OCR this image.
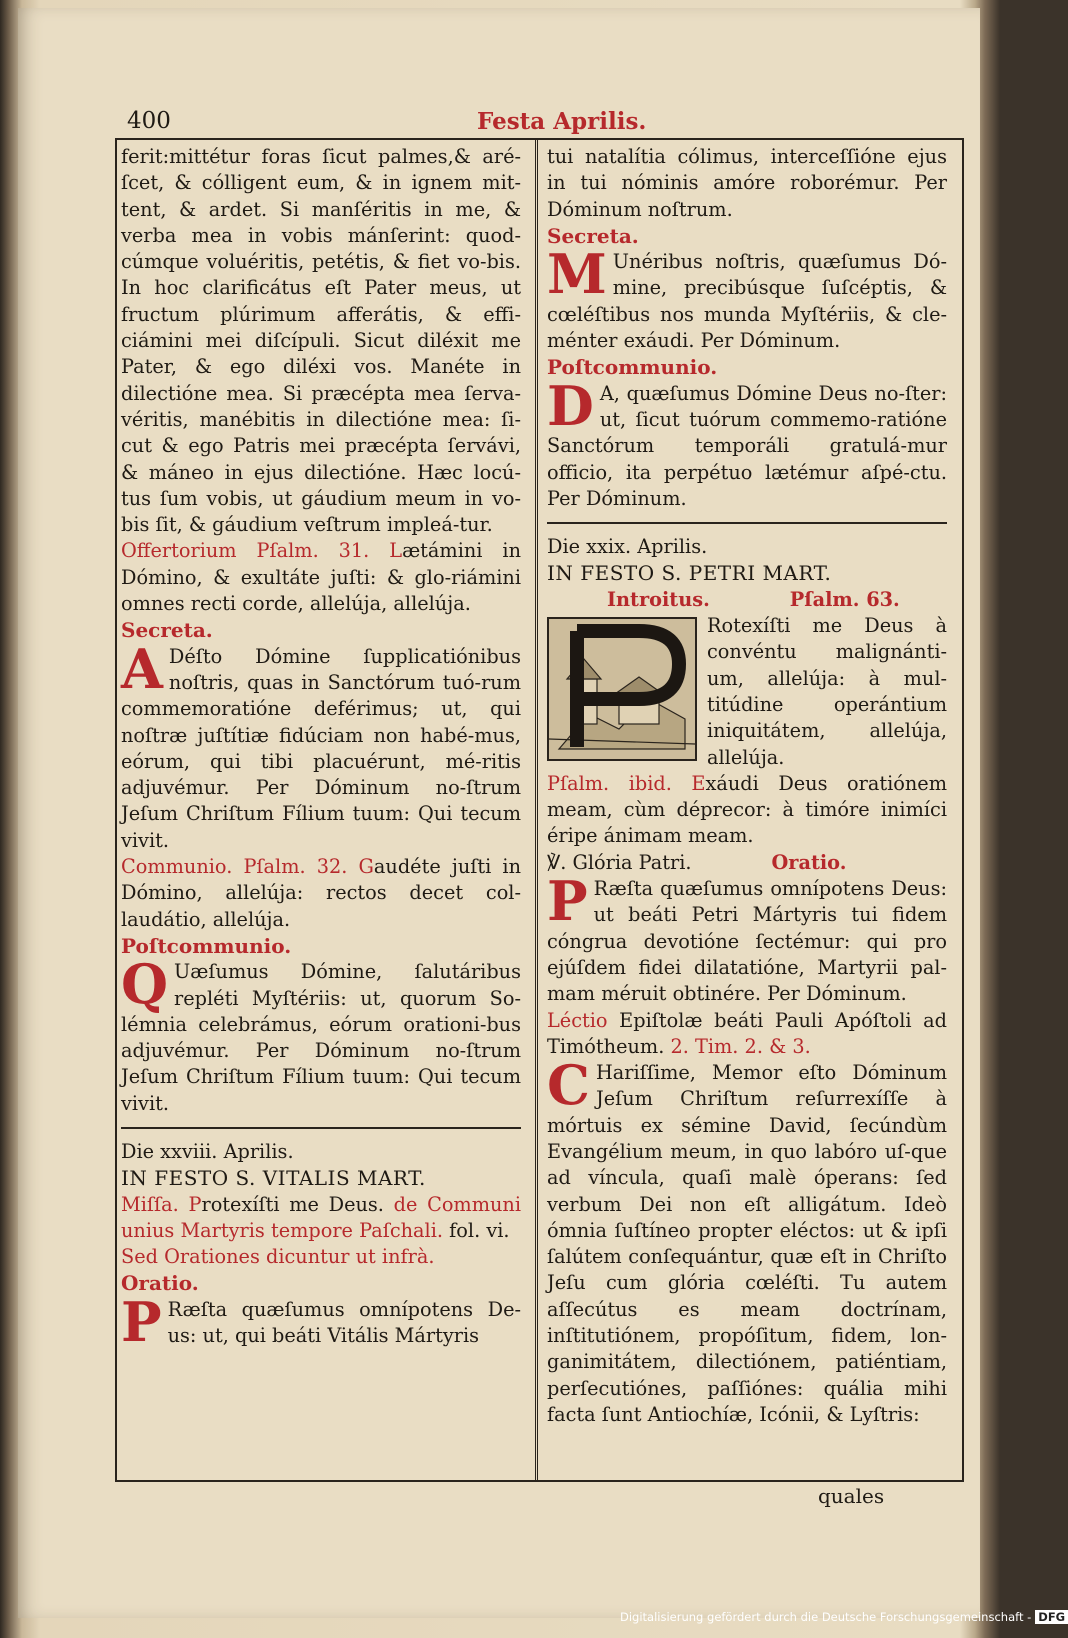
400	Festa Aprilis.

ferit:mittétur foras ſicut palmes,& aré-ſcet, & cólligent eum, & in ignem mit-tent, & ardet. Si manſéritis in me, & verba mea in vobis mánſerint: quod-cúmque voluéritis, petétis, & fiet vo-bis. In hoc clarificátus eſt Pater meus, ut fructum plúrimum afferátis, & effi-ciámini mei diſcípuli. Sicut diléxit me Pater, & ego diléxi vos. Manéte in dilectióne mea. Si præcépta mea ſerva-véritis, manébitis in dilectióne mea: ſi-cut & ego Patris mei præcépta ſervávi, & máneo in ejus dilectióne. Hæc locú-tus ſum vobis, ut gáudium meum in vo-bis ſit, & gáudium veſtrum impleá-tur.

Offertorium Pſalm. 31. Lætámini in Dómino, & exultáte juſti: & glo-riámini omnes recti corde, allelúja, allelúja.

Secreta.

A Déſto Dómine ſupplicatiónibus noſtris, quas in Sanctórum tuó-rum commemoratióne deférimus; ut, qui noſtræ juſtítiæ fidúciam non habé-mus, eórum, qui tibi placuérunt, mé-ritis adjuvémur. Per Dóminum no-ſtrum Jeſum Chriſtum Fílium tuum: Qui tecum vivit.

Communio. Pſalm. 32. Gaudéte juſti in Dómino, allelúja: rectos decet col-laudátio, allelúja.

Poſtcommunio.

Q Uæſumus Dómine, ſalutáribus repléti Myſtériis: ut, quorum So-lémnia celebrámus, eórum orationi-bus adjuvémur. Per Dóminum no-ſtrum Jeſum Chriſtum Fílium tuum: Qui tecum vivit.

Die xxviii. Aprilis.

IN FESTO S. VITALIS MART.

Miſſa. Protexíſti me Deus. de Communi unius Martyris tempore Paſchali. fol. vi.

Sed Orationes dicuntur ut infrà.

Oratio.

P Ræſta quæſumus omnípotens De-us: ut, qui beáti Vitális Mártyris

tui natalítia cólimus, interceſſióne ejus in tui nóminis amóre roborémur. Per Dóminum noſtrum.

Secreta.

M Unéribus noſtris, quæſumus Dó-mine, precibúsque ſuſcéptis, & cœléſtibus nos munda Myſtériis, & cle-ménter exáudi. Per Dóminum.

Poſtcommunio.

D A, quæſumus Dómine Deus no-ſter: ut, ſicut tuórum commemo-ratióne Sanctórum temporáli gratulá-mur officio, ita perpétuo lætémur aſpé-ctu. Per Dóminum.

Die xxix. Aprilis.

IN FESTO S. PETRI MART.

Introitus.	Pſalm. 63.

Rotexíſti me Deus à convéntu malignánti-um, allelúja: à mul-titúdine operántium iniquitátem, allelúja, allelúja.

Pſalm. ibid. Exáudi Deus oratiónem meam, cùm déprecor: à timóre inimíci éripe ánimam meam.

℣. Glória Patri.	Oratio.

P Ræſta quæſumus omnípotens Deus: ut beáti Petri Mártyris tui fidem cóngrua devotióne ſectémur: qui pro ejúſdem fidei dilatatióne, Martyrii pal-mam méruit obtinére. Per Dóminum.

Léctio Epiſtolæ beáti Pauli Apóſtoli ad Timótheum. 2. Tim. 2. & 3.

C Hariſſime, Memor eſto Dóminum Jeſum Chriſtum reſurrexíſſe à mórtuis ex sémine David, ſecúndùm Evangélium meum, in quo labóro uſ-que ad víncula, quaſi malè óperans: ſed verbum Dei non eſt alligátum. Ideò ómnia ſuſtíneo propter eléctos: ut & ipſi ſalútem conſequántur, quæ eſt in Chriſto Jeſu cum glória cœléſti. Tu autem aſſecútus es meam doctrínam, inſtitutiónem, propóſitum, fidem, lon-ganimitátem, dilectiónem, patiéntiam, perſecutiónes, paſſiónes: quália mihi facta ſunt Antiochíæ, Icónii, & Lyſtris:

quales
Digitalisierung gefördert durch die Deutsche Forschungsgemeinschaft - DFG
